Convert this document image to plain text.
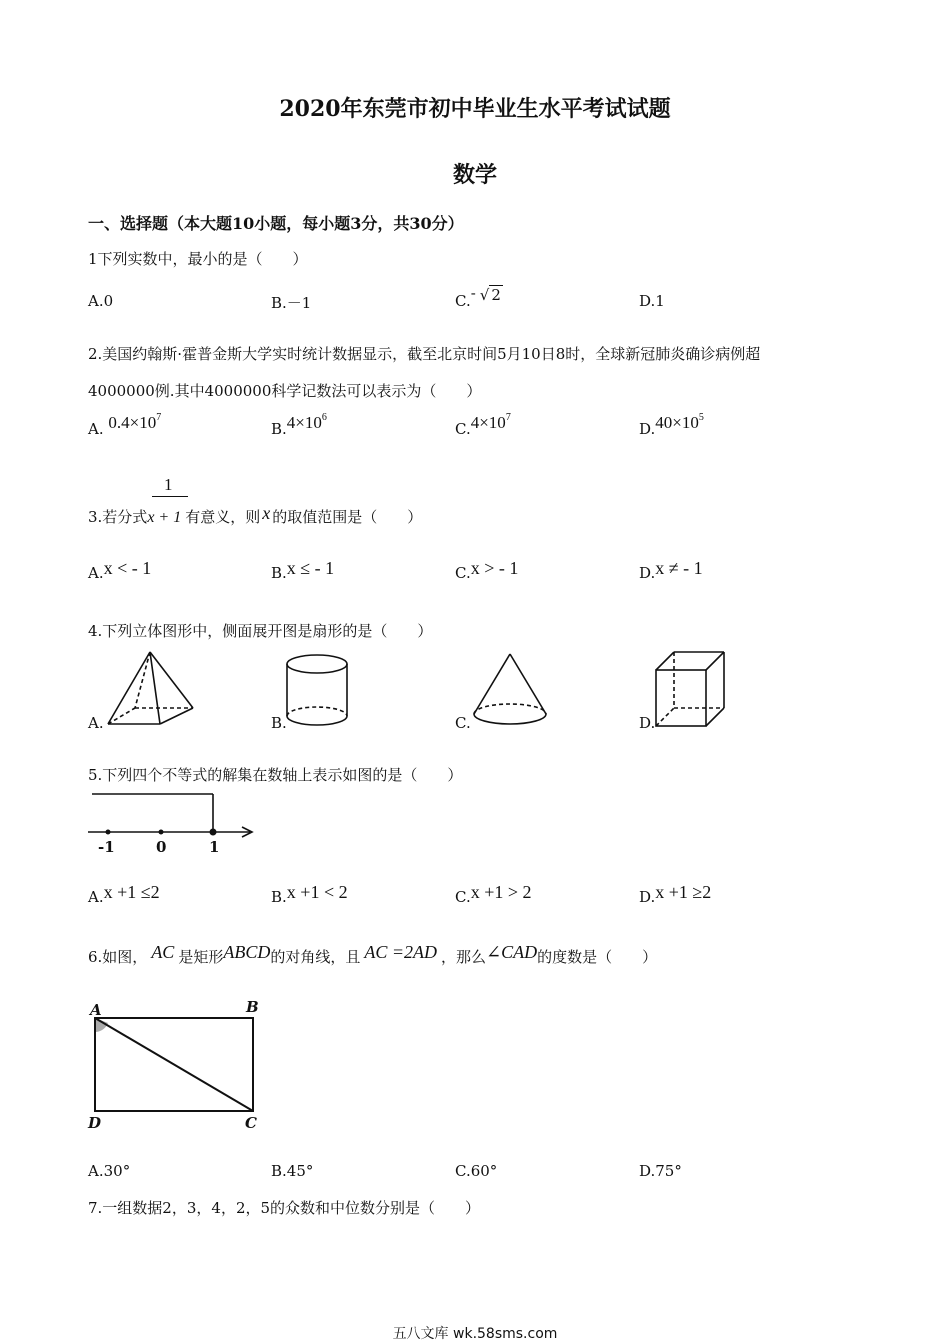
2020年东莞市初中毕业生水平考试试题
数学
一、选择题（本大题10小题，每小题3分，共30分）
1下列实数中，最小的是（　　）
A.0	B.－1	C.- √ 2	D.1
2.美国约翰斯·霍普金斯大学实时统计数据显示，截至北京时间5月10日8时，全球新冠肺炎确诊病例超
4000000例.其中4000000科学记数法可以表示为（　　）
A. $0.4\times 10^7$
$B.4\times 10^6$
$C.4\times 10^7$
$D.40\times 10^5$
1
3.若分式x + 1 有意义，则 x 的取值范围是（　　）
A.x < - 1	B.x ≤ - 1	C.x > - 1	D.x ≠ - 1
4.下列立体图形中，侧面展开图是扇形的是（　　）
A.	B.	C.	D.
5.下列四个不等式的解集在数轴上表示如图的是（　　）
-1	0	1
A.x +1 ≤2	B.x +1 < 2	C.x +1 > 2	D.x +1 ≥2
6.如图， AC 是矩形ABCD的对角线，且 AC =2AD ，那么∠CAD的度数是（　　）
A	B
D	C
A.30°	B.45°	C.60°	D.75°
7.一组数据2，3，4，2，5的众数和中位数分别是（　　）
五八文库 wk.58sms.com
